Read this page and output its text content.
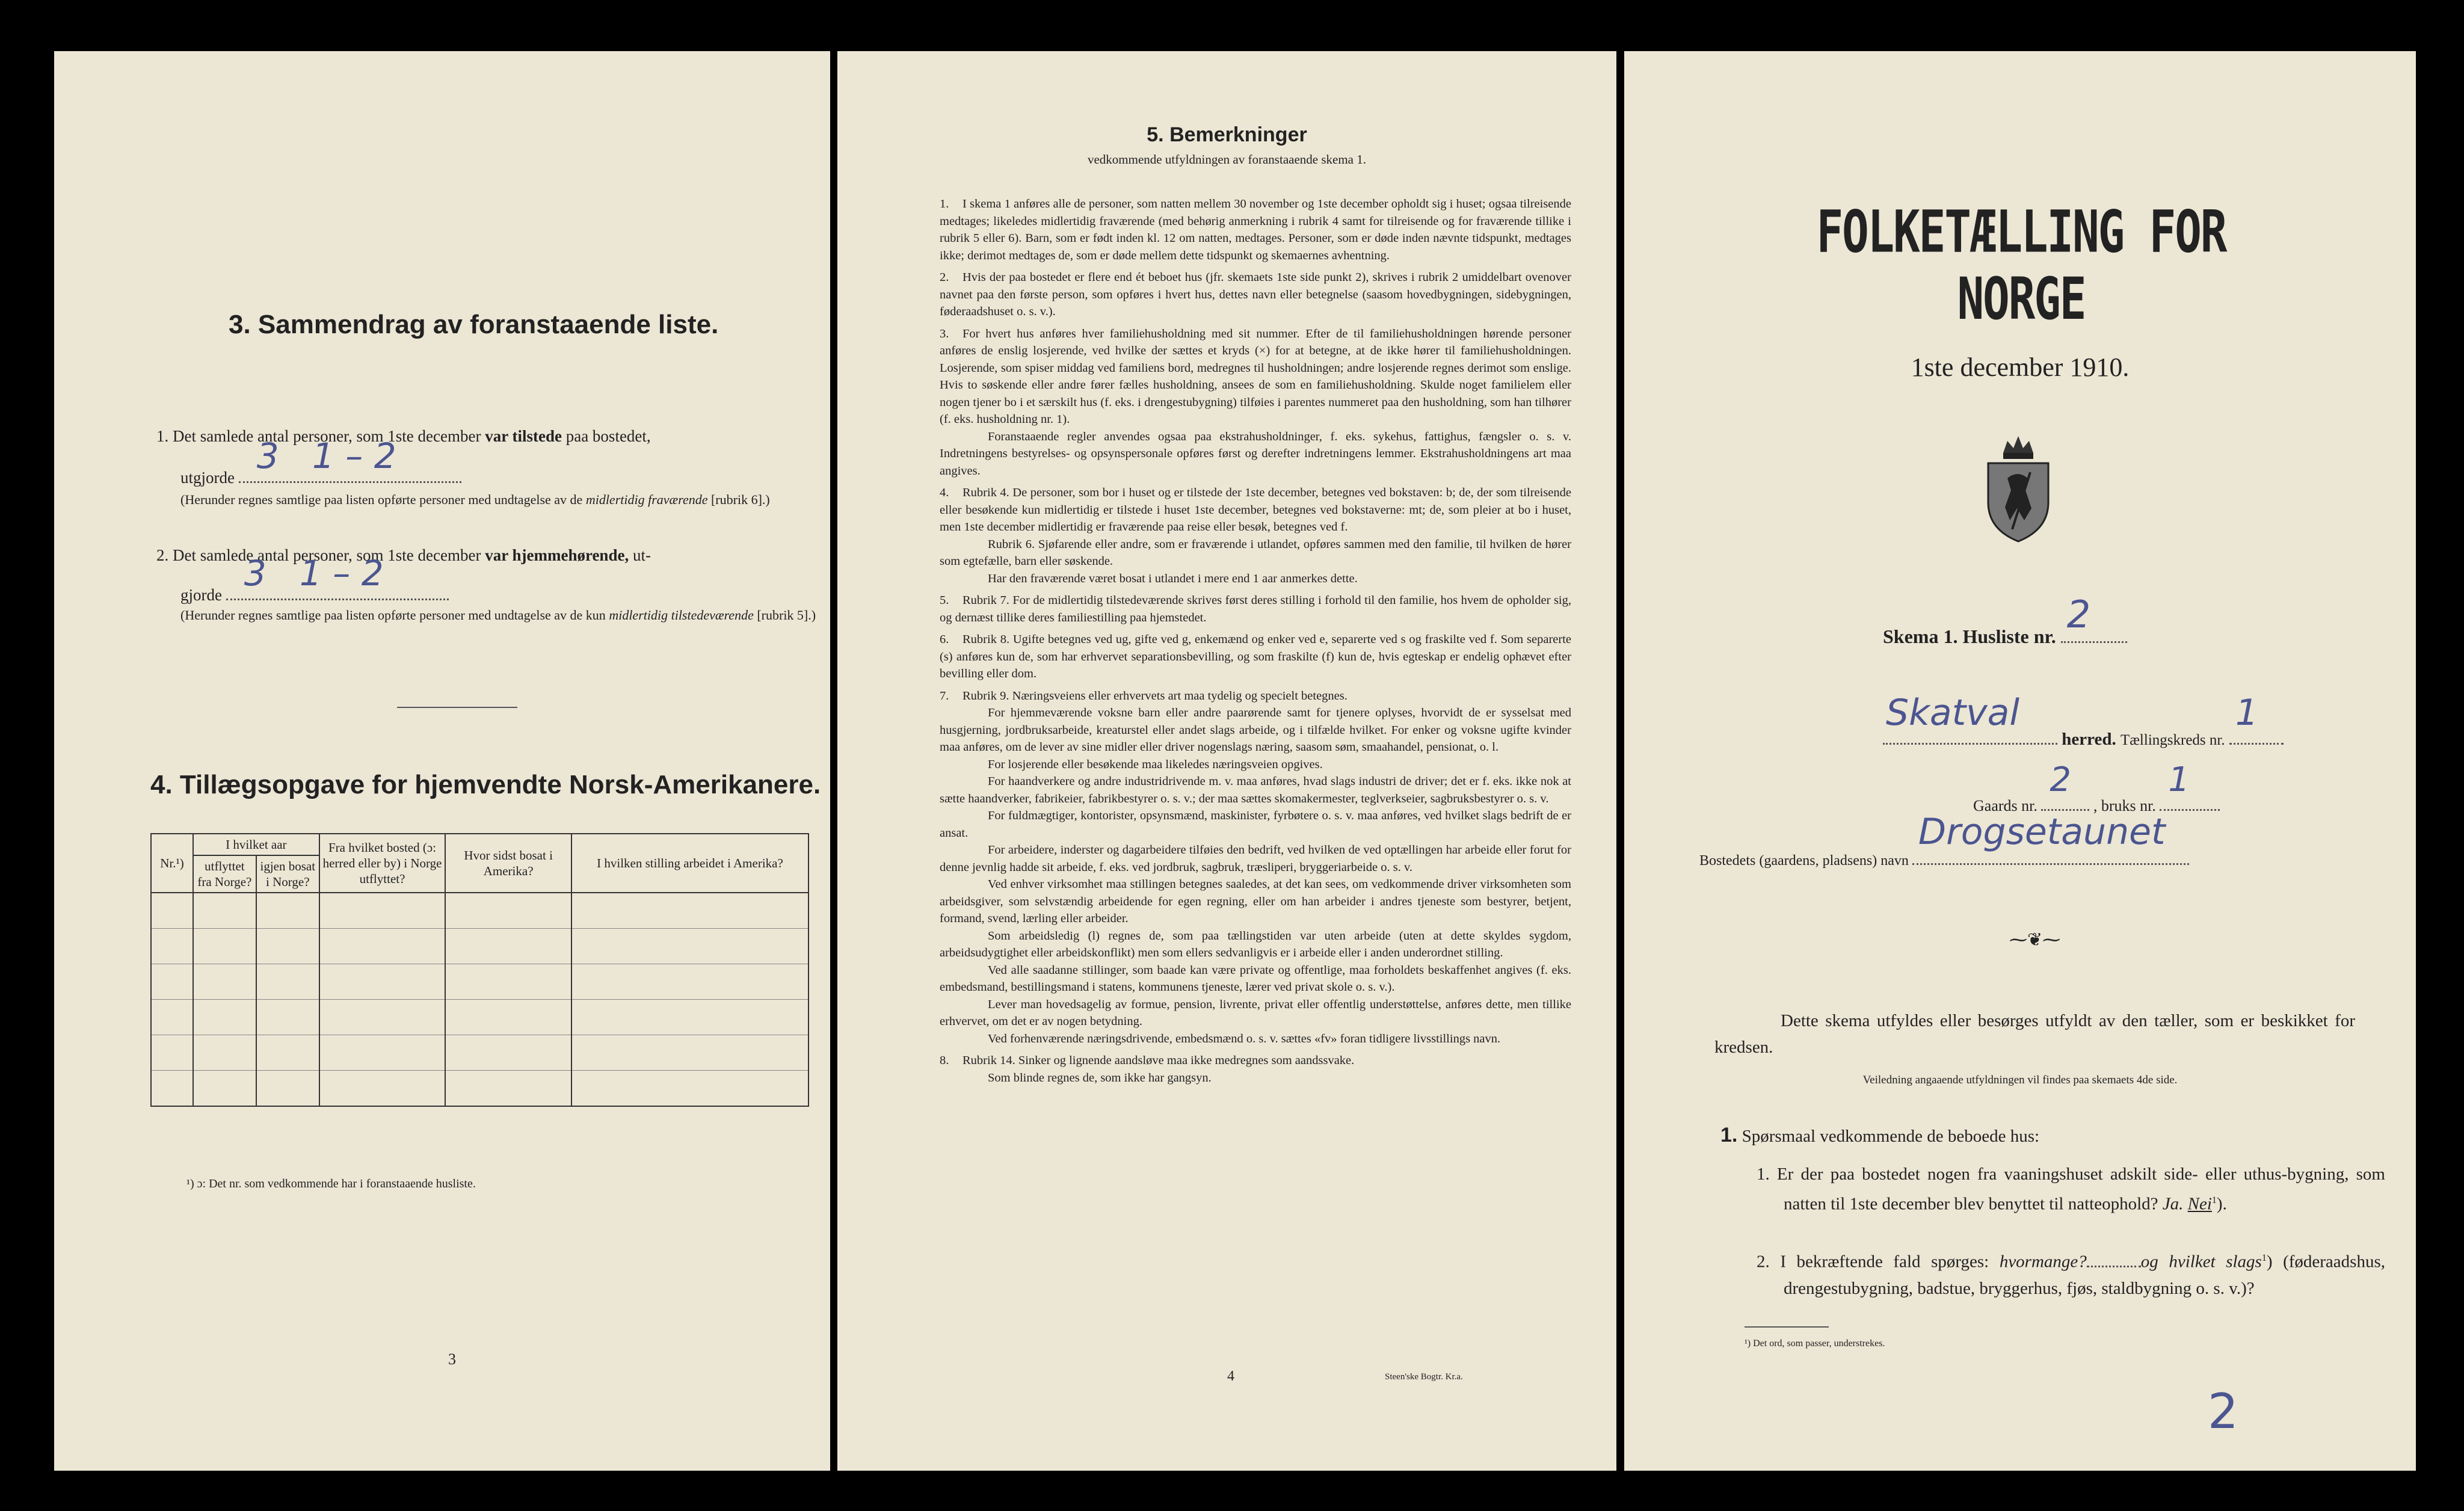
3. Sammendrag av foranstaaende liste.
1. Det samlede antal personer, som 1ste december var tilstede paa bostedet,
utgjorde
3   1 – 2
(Herunder regnes samtlige paa listen opførte personer med undtagelse av de midlertidig fraværende [rubrik 6].)
2. Det samlede antal personer, som 1ste december var hjemmehørende, ut-
gjorde
3   1 – 2
(Herunder regnes samtlige paa listen opførte personer med undtagelse av de kun midlertidig tilstedeværende [rubrik 5].)
4. Tillægsopgave for hjemvendte Norsk-Amerikanere.
Nr.¹)	I hvilket aar		Fra hvilket bosted (ɔ: herred eller by) i Norge utflyttet?	Hvor sidst bosat i Amerika?	I hvilken stilling arbeidet i Amerika?
	utflyttet fra Norge?	igjen bosat i Norge?			

¹) ɔ: Det nr. som vedkommende har i foranstaaende husliste.
3
5. Bemerkninger
vedkommende utfyldningen av foranstaaende skema 1.

1. I skema 1 anføres alle de personer, som natten mellem 30 november og 1ste december opholdt sig i huset; ogsaa tilreisende medtages; likeledes midlertidig fraværende (med behørig anmerkning i rubrik 4 samt for tilreisende og for fraværende tillike i rubrik 5 eller 6). Barn, som er født inden kl. 12 om natten, medtages. Personer, som er døde inden nævnte tidspunkt, medtages ikke; derimot medtages de, som er døde mellem dette tidspunkt og skemaernes avhentning.

2. Hvis der paa bostedet er flere end ét beboet hus (jfr. skemaets 1ste side punkt 2), skrives i rubrik 2 umiddelbart ovenover navnet paa den første person, som opføres i hvert hus, dettes navn eller betegnelse (saasom hovedbygningen, sidebygningen, føderaadshuset o. s. v.).

3. For hvert hus anføres hver familiehusholdning med sit nummer. Efter de til familiehusholdningen hørende personer anføres de enslig losjerende, ved hvilke der sættes et kryds (×) for at betegne, at de ikke hører til familiehusholdningen. Losjerende, som spiser middag ved familiens bord, medregnes til husholdningen; andre losjerende regnes derimot som enslige. Hvis to søskende eller andre fører fælles husholdning, ansees de som en familiehusholdning. Skulde noget familielem eller nogen tjener bo i et særskilt hus (f. eks. i drengestubygning) tilføies i parentes nummeret paa den husholdning, som han tilhører (f. eks. husholdning nr. 1).

Foranstaaende regler anvendes ogsaa paa ekstrahusholdninger, f. eks. sykehus, fattighus, fængsler o. s. v. Indretningens bestyrelses- og opsynspersonale opføres først og derefter indretningens lemmer. Ekstrahusholdningens art maa angives.

4. Rubrik 4. De personer, som bor i huset og er tilstede der 1ste december, betegnes ved bokstaven: b; de, der som tilreisende eller besøkende kun midlertidig er tilstede i huset 1ste december, betegnes ved bokstaverne: mt; de, som pleier at bo i huset, men 1ste december midlertidig er fraværende paa reise eller besøk, betegnes ved f.

Rubrik 6. Sjøfarende eller andre, som er fraværende i utlandet, opføres sammen med den familie, til hvilken de hører som egtefælle, barn eller søskende.

Har den fraværende været bosat i utlandet i mere end 1 aar anmerkes dette.

5. Rubrik 7. For de midlertidig tilstedeværende skrives først deres stilling i forhold til den familie, hos hvem de opholder sig, og dernæst tillike deres familiestilling paa hjemstedet.

6. Rubrik 8. Ugifte betegnes ved ug, gifte ved g, enkemænd og enker ved e, separerte ved s og fraskilte ved f. Som separerte (s) anføres kun de, som har erhvervet separationsbevilling, og som fraskilte (f) kun de, hvis egteskap er endelig ophævet efter bevilling eller dom.

7. Rubrik 9. Næringsveiens eller erhvervets art maa tydelig og specielt betegnes.

For hjemmeværende voksne barn eller andre paarørende samt for tjenere oplyses, hvorvidt de er sysselsat med husgjerning, jordbruksarbeide, kreaturstel eller andet slags arbeide, og i tilfælde hvilket. For enker og voksne ugifte kvinder maa anføres, om de lever av sine midler eller driver nogenslags næring, saasom søm, smaahandel, pensionat, o. l.

For losjerende eller besøkende maa likeledes næringsveien opgives.

For haandverkere og andre industridrivende m. v. maa anføres, hvad slags industri de driver; det er f. eks. ikke nok at sætte haandverker, fabrikeier, fabrikbestyrer o. s. v.; der maa sættes skomakermester, teglverkseier, sagbruksbestyrer o. s. v.

For fuldmægtiger, kontorister, opsynsmænd, maskinister, fyrbøtere o. s. v. maa anføres, ved hvilket slags bedrift de er ansat.

For arbeidere, inderster og dagarbeidere tilføies den bedrift, ved hvilken de ved optællingen har arbeide eller forut for denne jevnlig hadde sit arbeide, f. eks. ved jordbruk, sagbruk, træsliperi, bryggeriarbeide o. s. v.

Ved enhver virksomhet maa stillingen betegnes saaledes, at det kan sees, om vedkommende driver virksomheten som arbeidsgiver, som selvstændig arbeidende for egen regning, eller om han arbeider i andres tjeneste som bestyrer, betjent, formand, svend, lærling eller arbeider.

Som arbeidsledig (l) regnes de, som paa tællingstiden var uten arbeide (uten at dette skyldes sygdom, arbeidsudygtighet eller arbeidskonflikt) men som ellers sedvanligvis er i arbeide eller i anden underordnet stilling.

Ved alle saadanne stillinger, som baade kan være private og offentlige, maa forholdets beskaffenhet angives (f. eks. embedsmand, bestillingsmand i statens, kommunens tjeneste, lærer ved privat skole o. s. v.).

Lever man hovedsagelig av formue, pension, livrente, privat eller offentlig understøttelse, anføres dette, men tillike erhvervet, om det er av nogen betydning.

Ved forhenværende næringsdrivende, embedsmænd o. s. v. sættes «fv» foran tidligere livsstillings navn.

8. Rubrik 14. Sinker og lignende aandsløve maa ikke medregnes som aandssvake.

Som blinde regnes de, som ikke har gangsyn.

4	Steen'ske Bogtr. Kr.a.
FOLKETÆLLING FOR NORGE
1ste december 1910.
Skema 1. Husliste nr. 2
Skatval
herred. Tællingskreds nr.
1
Gaards nr.
2
, bruks nr.
1
Bostedets (gaardens, pladsens) navn
Drogsetaunet
⁓❦⁓
Dette skema utfyldes eller besørges utfyldt av den tæller, som er beskikket for kredsen.
Veiledning angaaende utfyldningen vil findes paa skemaets 4de side.
1. Spørsmaal vedkommende de beboede hus:
1. Er der paa bostedet nogen fra vaaningshuset adskilt side- eller uthus-bygning, som natten til 1ste december blev benyttet til natteophold? Ja. Nei$^1$).
2. I bekræftende fald spørges: hvormange?	og hvilket slags$^1$) (føderaadshus, drengestubygning, badstue, bryggerhus, fjøs, staldbygning o. s. v.)?
¹) Det ord, som passer, understrekes.
2
